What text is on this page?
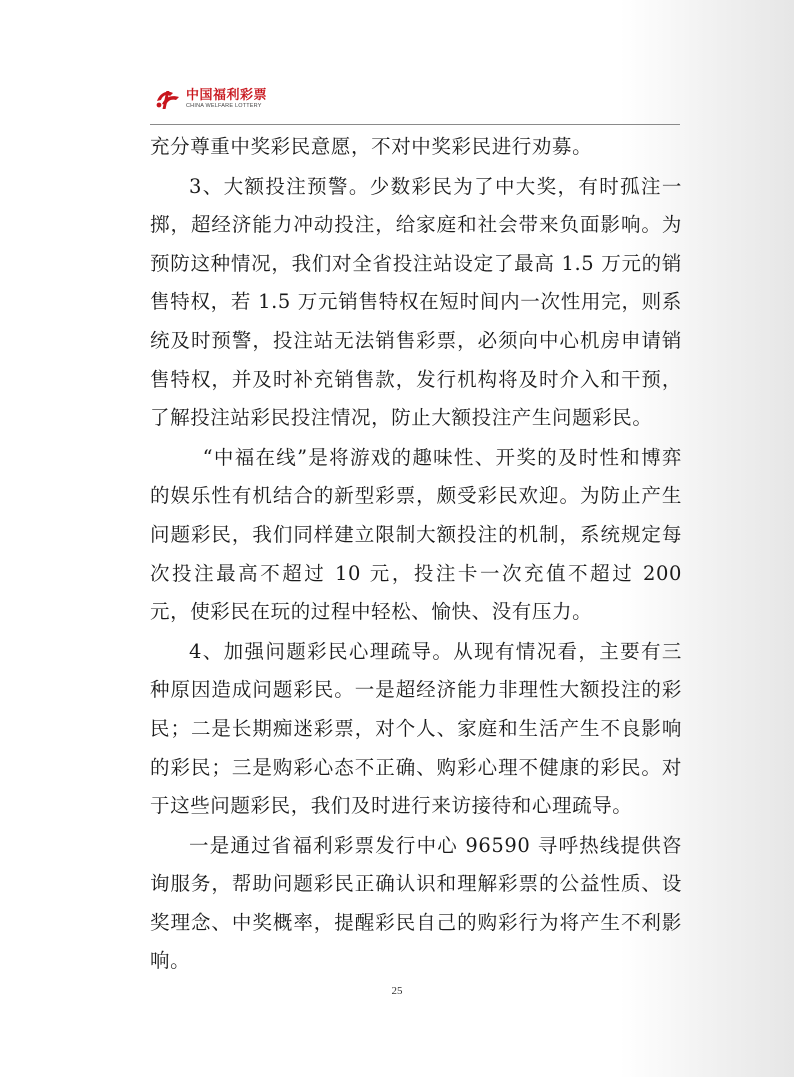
中国福利彩票
CHINA WELFARE LOTTERY

充分尊重中奖彩民意愿，不对中奖彩民进行劝募。

3、大额投注预警。少数彩民为了中大奖，有时孤注一掷，超经济能力冲动投注，给家庭和社会带来负面影响。为预防这种情况，我们对全省投注站设定了最高 1.5 万元的销售特权，若 1.5 万元销售特权在短时间内一次性用完，则系统及时预警，投注站无法销售彩票，必须向中心机房申请销售特权，并及时补充销售款，发行机构将及时介入和干预，了解投注站彩民投注情况，防止大额投注产生问题彩民。

“中福在线”是将游戏的趣味性、开奖的及时性和博弈的娱乐性有机结合的新型彩票，颇受彩民欢迎。为防止产生问题彩民，我们同样建立限制大额投注的机制，系统规定每次投注最高不超过 10 元，投注卡一次充值不超过 200 元，使彩民在玩的过程中轻松、愉快、没有压力。

4、加强问题彩民心理疏导。从现有情况看，主要有三种原因造成问题彩民。一是超经济能力非理性大额投注的彩民；二是长期痴迷彩票，对个人、家庭和生活产生不良影响的彩民；三是购彩心态不正确、购彩心理不健康的彩民。对于这些问题彩民，我们及时进行来访接待和心理疏导。

一是通过省福利彩票发行中心 96590 寻呼热线提供咨询服务，帮助问题彩民正确认识和理解彩票的公益性质、设奖理念、中奖概率，提醒彩民自己的购彩行为将产生不利影响。

25
